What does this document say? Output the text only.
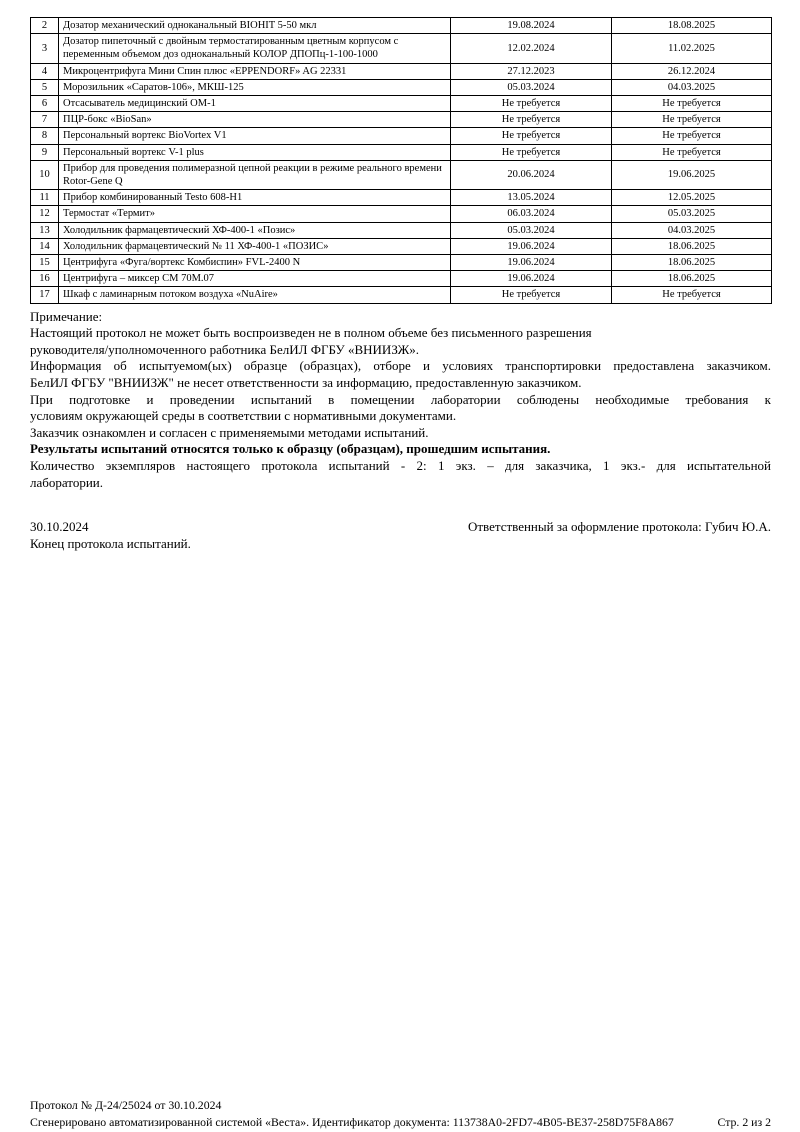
2	Дозатор механический одноканальный BIOHIT 5-50 мкл	19.08.2024	18.08.2025
3	Дозатор пипеточный с двойным термостатированным цветным корпусом с переменным объемом доз одноканальный КОЛОР ДПОПц-1-100-1000	12.02.2024	11.02.2025
4	Микроцентрифуга Мини Спин плюс «EPPENDORF» AG 22331	27.12.2023	26.12.2024
5	Морозильник «Саратов-106», МКШ-125	05.03.2024	04.03.2025
6	Отсасыватель медицинский ОМ-1	Не требуется	Не требуется
7	ПЦР-бокс «BioSan»	Не требуется	Не требуется
8	Персональный вортекс BioVortex V1	Не требуется	Не требуется
9	Персональный вортекс V-1 plus	Не требуется	Не требуется
10	Прибор для проведения полимеразной цепной реакции в режиме реального времени Rotor-Gene Q	20.06.2024	19.06.2025
11	Прибор комбинированный Testo 608-H1	13.05.2024	12.05.2025
12	Термостат «Термит»	06.03.2024	05.03.2025
13	Холодильник фармацевтический ХФ-400-1 «Позис»	05.03.2024	04.03.2025
14	Холодильник фармацевтический № 11 ХФ-400-1 «ПОЗИС»	19.06.2024	18.06.2025
15	Центрифуга «Фуга/вортекс Комбиспин» FVL-2400 N	19.06.2024	18.06.2025
16	Центрифуга – миксер СМ 70М.07	19.06.2024	18.06.2025
17	Шкаф с ламинарным потоком воздуха «NuAire»	Не требуется	Не требуется
Примечание:
Настоящий протокол не может быть воспроизведен не в полном объеме без письменного разрешения
руководителя/уполномоченного работника БелИЛ ФГБУ «ВНИИЗЖ».
Информация об испытуемом(ых) образце (образцах), отборе и условиях транспортировки предоставлена заказчиком.
БелИЛ ФГБУ "ВНИИЗЖ" не несет ответственности за информацию, предоставленную заказчиком.
При подготовке и проведении испытаний в помещении лаборатории соблюдены необходимые требования к
условиям окружающей среды в соответствии с нормативными документами.
Заказчик ознакомлен и согласен с применяемыми методами испытаний.
Результаты испытаний относятся только к образцу (образцам), прошедшим испытания.
Количество экземпляров настоящего протокола испытаний - 2: 1 экз. – для заказчика, 1 экз.- для испытательной
лаборатории.
30.10.2024	Ответственный за оформление протокола: Губич Ю.А.
Конец протокола испытаний.
Протокол № Д-24/25024 от 30.10.2024
Сгенерировано автоматизированной системой «Веста». Идентификатор документа: 113738A0-2FD7-4B05-BE37-258D75F8A867	Стр. 2 из 2
